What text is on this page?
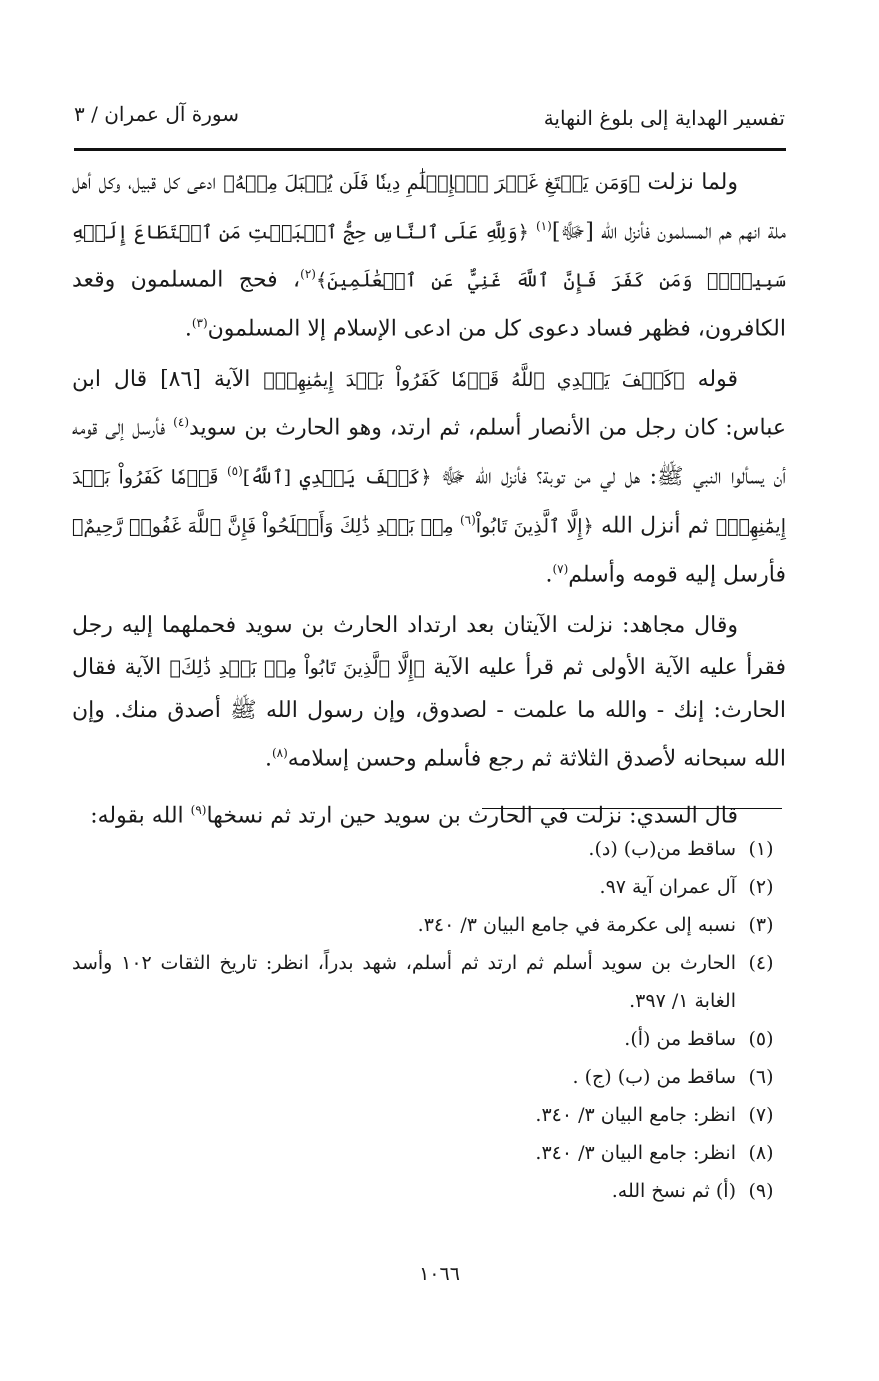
تفسير الهداية إلى بلوغ النهاية
سورة آل عمران / ٣

ولما نزلت ﴿وَمَن يَبۡتَغِ غَيۡرَ ٱلۡإِسۡلَٰمِ دِينٗا فَلَن يُقۡبَلَ مِنۡهُ﴾ ادعى كل قبيل، وكل أهل ملة انهم هم المسلمون فأنزل الله [ﷻ]$^{(١)}$ ﴿وَلِلَّهِ عَلَى ٱلنَّاسِ حِجُّ ٱلۡبَيۡتِ مَنِ ٱسۡتَطَاعَ إِلَيۡهِ سَبِيلٗاۚ وَمَن كَفَرَ فَإِنَّ ٱللَّهَ غَنِيٌّ عَنِ ٱلۡعَٰلَمِينَ﴾$^{(٢)}$، فحج المسلمون وقعد الكافرون، فظهر فساد دعوى كل من ادعى الإسلام إلا المسلمون$^{(٣)}$.

قوله ﴿كَيۡفَ يَهۡدِي ٱللَّهُ قَوۡمٗا كَفَرُواْ بَعۡدَ إِيمَٰنِهِمۡ﴾ الآية [٨٦] قال ابن عباس: كان رجل من الأنصار أسلم، ثم ارتد، وهو الحارث بن سويد$^{(٤)}$ فأرسل إلى قومه أن يسألوا النبي ﷺ: هل لي من توبة؟ فأنزل الله ﷻ ﴿كَيۡفَ يَهۡدِي [ٱللَّهُ]$^{(٥)}$ قَوۡمٗا كَفَرُواْ بَعۡدَ إِيمَٰنِهِمۡ﴾ ثم أنزل الله ﴿إِلَّا ٱلَّذِينَ تَابُواْ$^{(٦)}$ مِنۢ بَعۡدِ ذَٰلِكَ وَأَصۡلَحُواْ فَإِنَّ ٱللَّهَ غَفُورٞ رَّحِيمٌ﴾ فأرسل إليه قومه وأسلم$^{(٧)}$.

وقال مجاهد: نزلت الآيتان بعد ارتداد الحارث بن سويد فحملهما إليه رجل فقرأ عليه الآية الأولى ثم قرأ عليه الآية ﴿إِلَّا ٱلَّذِينَ تَابُواْ مِنۢ بَعۡدِ ذَٰلِكَ﴾ الآية فقال الحارث: إنك - والله ما علمت - لصدوق، وإن رسول الله ﷺ أصدق منك. وإن الله سبحانه لأصدق الثلاثة ثم رجع فأسلم وحسن إسلامه$^{(٨)}$.

قال السدي: نزلت في الحارث بن سويد حين ارتد ثم نسخها$^{(٩)}$ الله بقوله:

(١)
ساقط من(ب) (د).
(٢)
آل عمران آية ٩٧.
(٣)
نسبه إلى عكرمة في جامع البيان ٣/ ٣٤٠.
(٤)
الحارث بن سويد أسلم ثم ارتد ثم أسلم، شهد بدراً، انظر: تاريخ الثقات ١٠٢ وأسد الغابة ١/ ٣٩٧.
(٥)
ساقط من (أ).
(٦)
ساقط من (ب) (ج) .
(٧)
انظر: جامع البيان ٣/ ٣٤٠.
(٨)
انظر: جامع البيان ٣/ ٣٤٠.
(٩)
(أ) ثم نسخ الله.
١٠٦٦
